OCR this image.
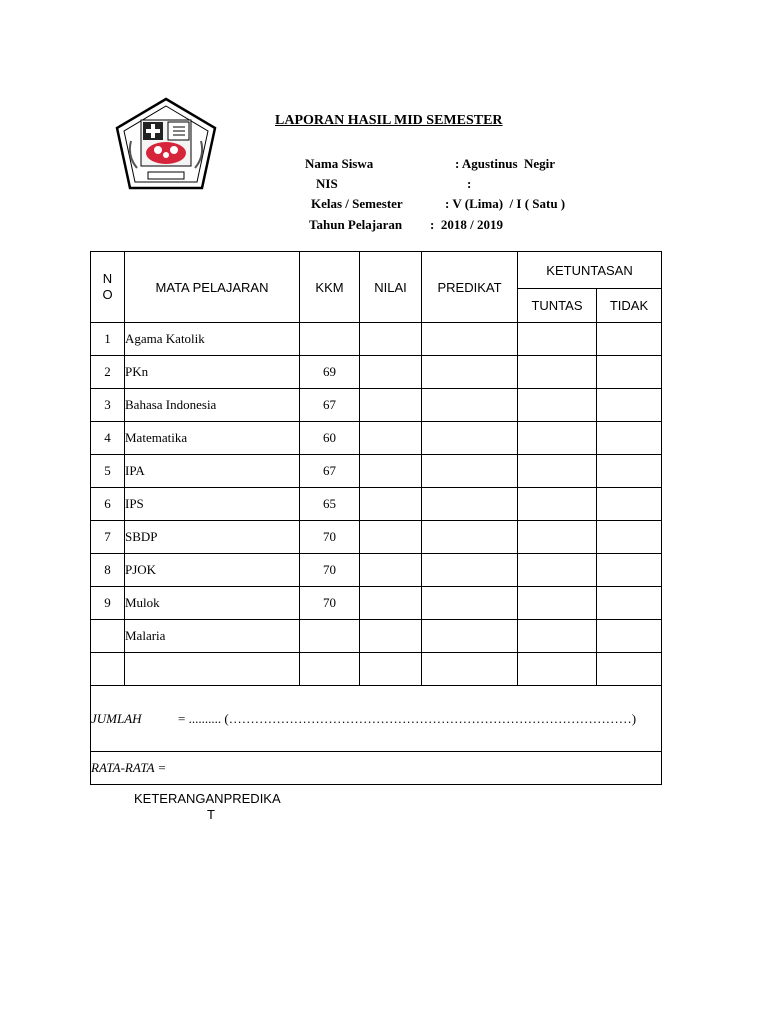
LAPORAN HASIL MID SEMESTER
Nama Siswa	: Agustinus  Negir
NIS	:
Kelas / Semester	: V (Lima)  / I ( Satu )
Tahun Pelajaran :  2018 / 2019
N
O	MATA PELAJARAN	KKM	NILAI	PREDIKAT	KETUNTASAN	
					TUNTAS	TIDAK
1	Agama Katolik					
2	PKn	69				
3	Bahasa Indonesia	67				
4	Matematika	60				
5	IPA	67				
6	IPS	65				
7	SBDP	70				
8	PJOK	70				
9	Mulok	70				
	Malaria					

JUMLAH = .......... (…………………………………………………………………………………)						
RATA-RATA =						
KETERANGANPREDIKA
T
